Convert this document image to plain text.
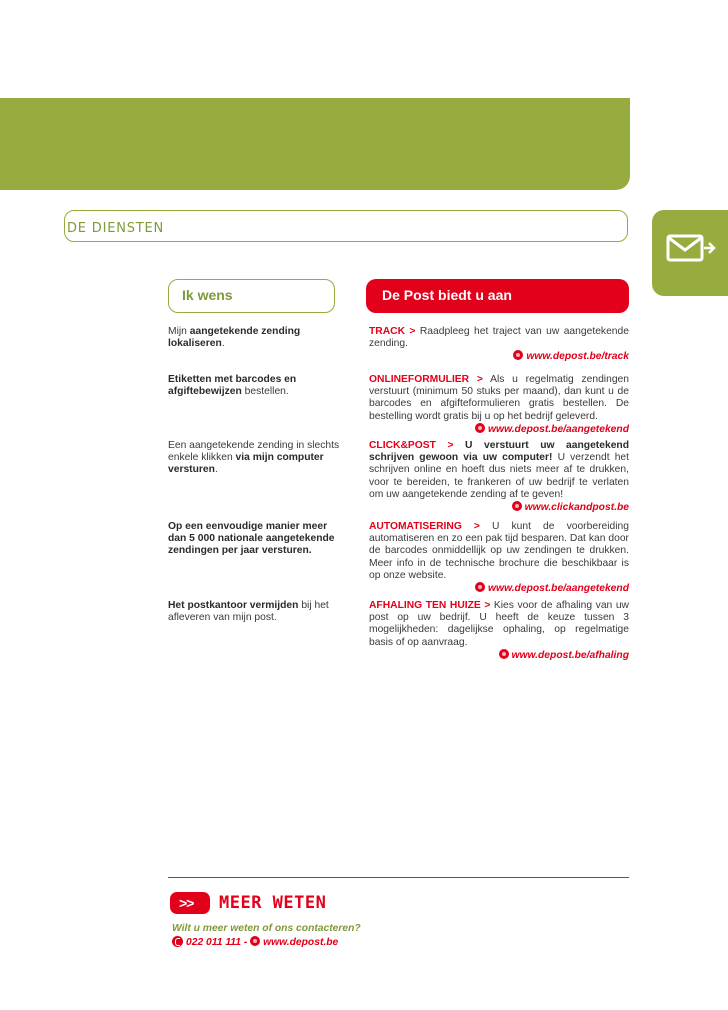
DE DIENSTEN
Ik wens	De Post biedt u aan
Mijn aangetekende zending lokaliseren.
TRACK > Raadpleeg het traject van uw aangetekende zending.
www.depost.be/track
Etiketten met barcodes en afgiftebewijzen bestellen.
ONLINEFORMULIER > Als u regelmatig zendingen verstuurt (minimum 50 stuks per maand), dan kunt u de barcodes en afgifteformulieren gratis bestellen. De bestelling wordt gratis bij u op het bedrijf geleverd.
www.depost.be/aangetekend
Een aangetekende zending in slechts enkele klikken via mijn computer versturen.
CLICK&POST > U verstuurt uw aangetekend schrijven gewoon via uw computer! U verzendt het schrijven online en hoeft dus niets meer af te drukken, voor te bereiden, te frankeren of uw bedrijf te verlaten om uw aangetekende zending af te geven!
www.clickandpost.be
Op een eenvoudige manier meer dan 5 000 nationale aangetekende zendingen per jaar versturen.
AUTOMATISERING > U kunt de voorbereiding automatiseren en zo een pak tijd besparen. Dat kan door de barcodes onmiddellijk op uw zendingen te drukken. Meer info in de technische brochure die beschikbaar is op onze website.
www.depost.be/aangetekend
Het postkantoor vermijden bij het afleveren van mijn post.
AFHALING TEN HUIZE > Kies voor de afhaling van uw post op uw bedrijf. U heeft de keuze tussen 3 mogelijkheden: dagelijkse ophaling, op regelmatige basis of op aanvraag.
www.depost.be/afhaling
>> MEER WETEN
Wilt u meer weten of ons contacteren?
022 011 111 - www.depost.be
